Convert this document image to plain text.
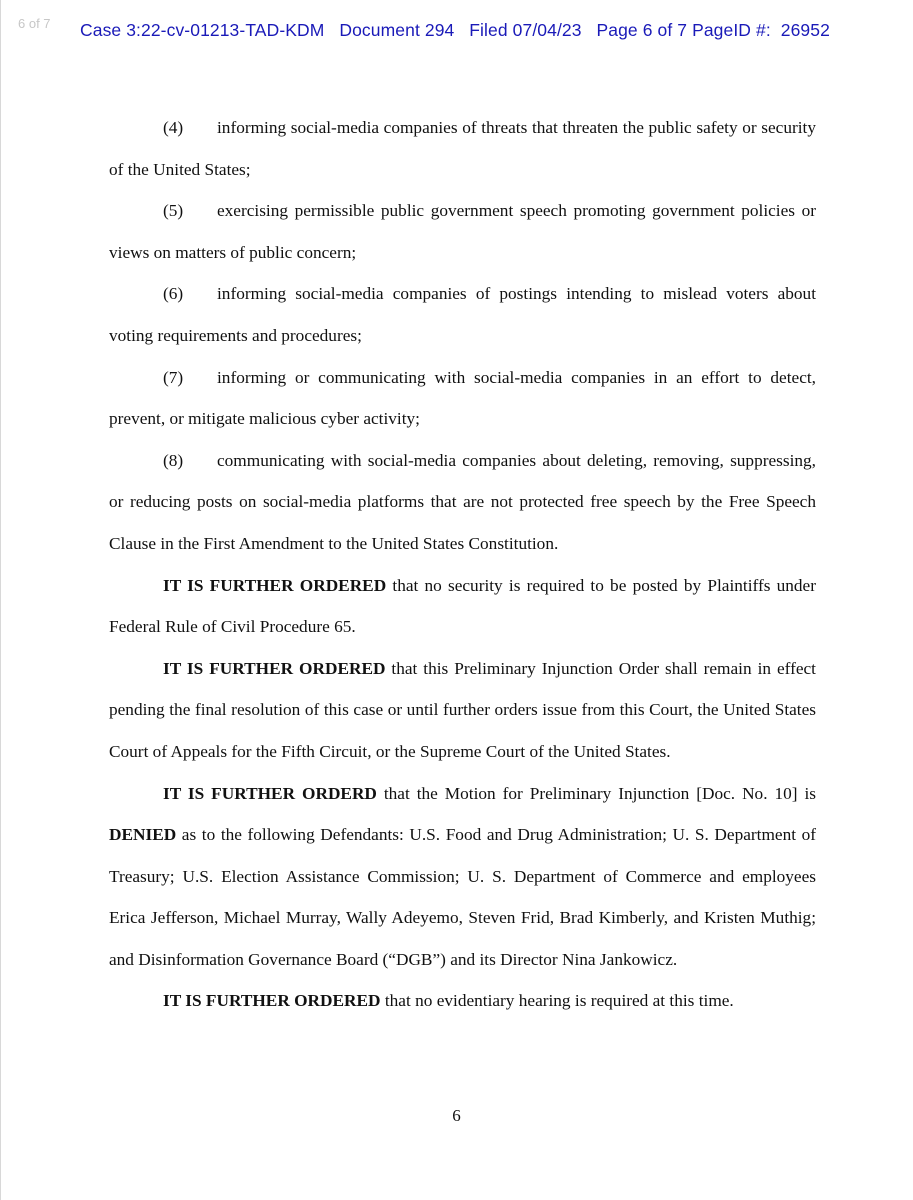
6 of 7 Case 3:22-cv-01213-TAD-KDM Document 294 Filed 07/04/23 Page 6 of 7 PageID #: 26952

(4) informing social-media companies of threats that threaten the public safety or security of the United States;

(5) exercising permissible public government speech promoting government policies or views on matters of public concern;

(6) informing social-media companies of postings intending to mislead voters about voting requirements and procedures;

(7) informing or communicating with social-media companies in an effort to detect, prevent, or mitigate malicious cyber activity;

(8) communicating with social-media companies about deleting, removing, suppressing, or reducing posts on social-media platforms that are not protected free speech by the Free Speech Clause in the First Amendment to the United States Constitution.

IT IS FURTHER ORDERED that no security is required to be posted by Plaintiffs under Federal Rule of Civil Procedure 65.

IT IS FURTHER ORDERED that this Preliminary Injunction Order shall remain in effect pending the final resolution of this case or until further orders issue from this Court, the United States Court of Appeals for the Fifth Circuit, or the Supreme Court of the United States.

IT IS FURTHER ORDERD that the Motion for Preliminary Injunction [Doc. No. 10] is DENIED as to the following Defendants: U.S. Food and Drug Administration; U. S. Department of Treasury; U.S. Election Assistance Commission; U. S. Department of Commerce and employees Erica Jefferson, Michael Murray, Wally Adeyemo, Steven Frid, Brad Kimberly, and Kristen Muthig; and Disinformation Governance Board (“DGB”) and its Director Nina Jankowicz.

IT IS FURTHER ORDERED that no evidentiary hearing is required at this time.

6
